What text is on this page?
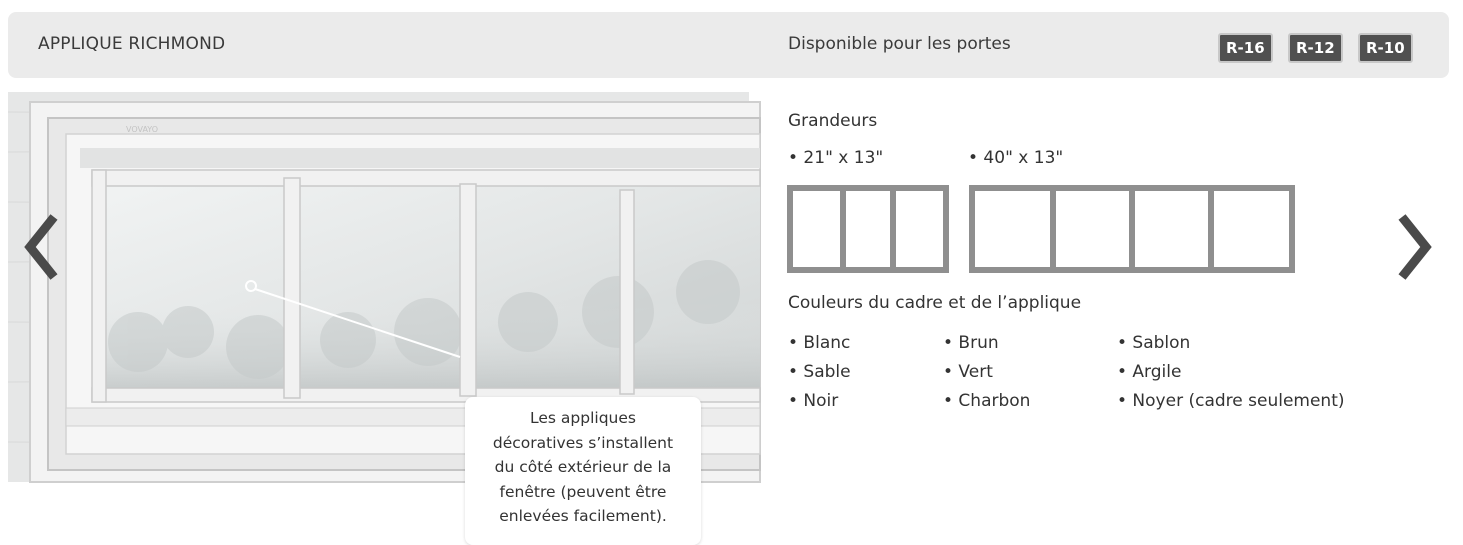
APPLIQUE RICHMOND	Disponible pour les portes	R-16	R-12	R-10
VOVAYO
Les appliques
décoratives s’installent
du côté extérieur de la
fenêtre (peuvent être
enlevées facilement).
Grandeurs
• 21" x 13"	• 40" x 13"
Couleurs du cadre et de l’applique
• Blanc
• Sable
• Noir
• Brun
• Vert
• Charbon
• Sablon
• Argile
• Noyer (cadre seulement)
